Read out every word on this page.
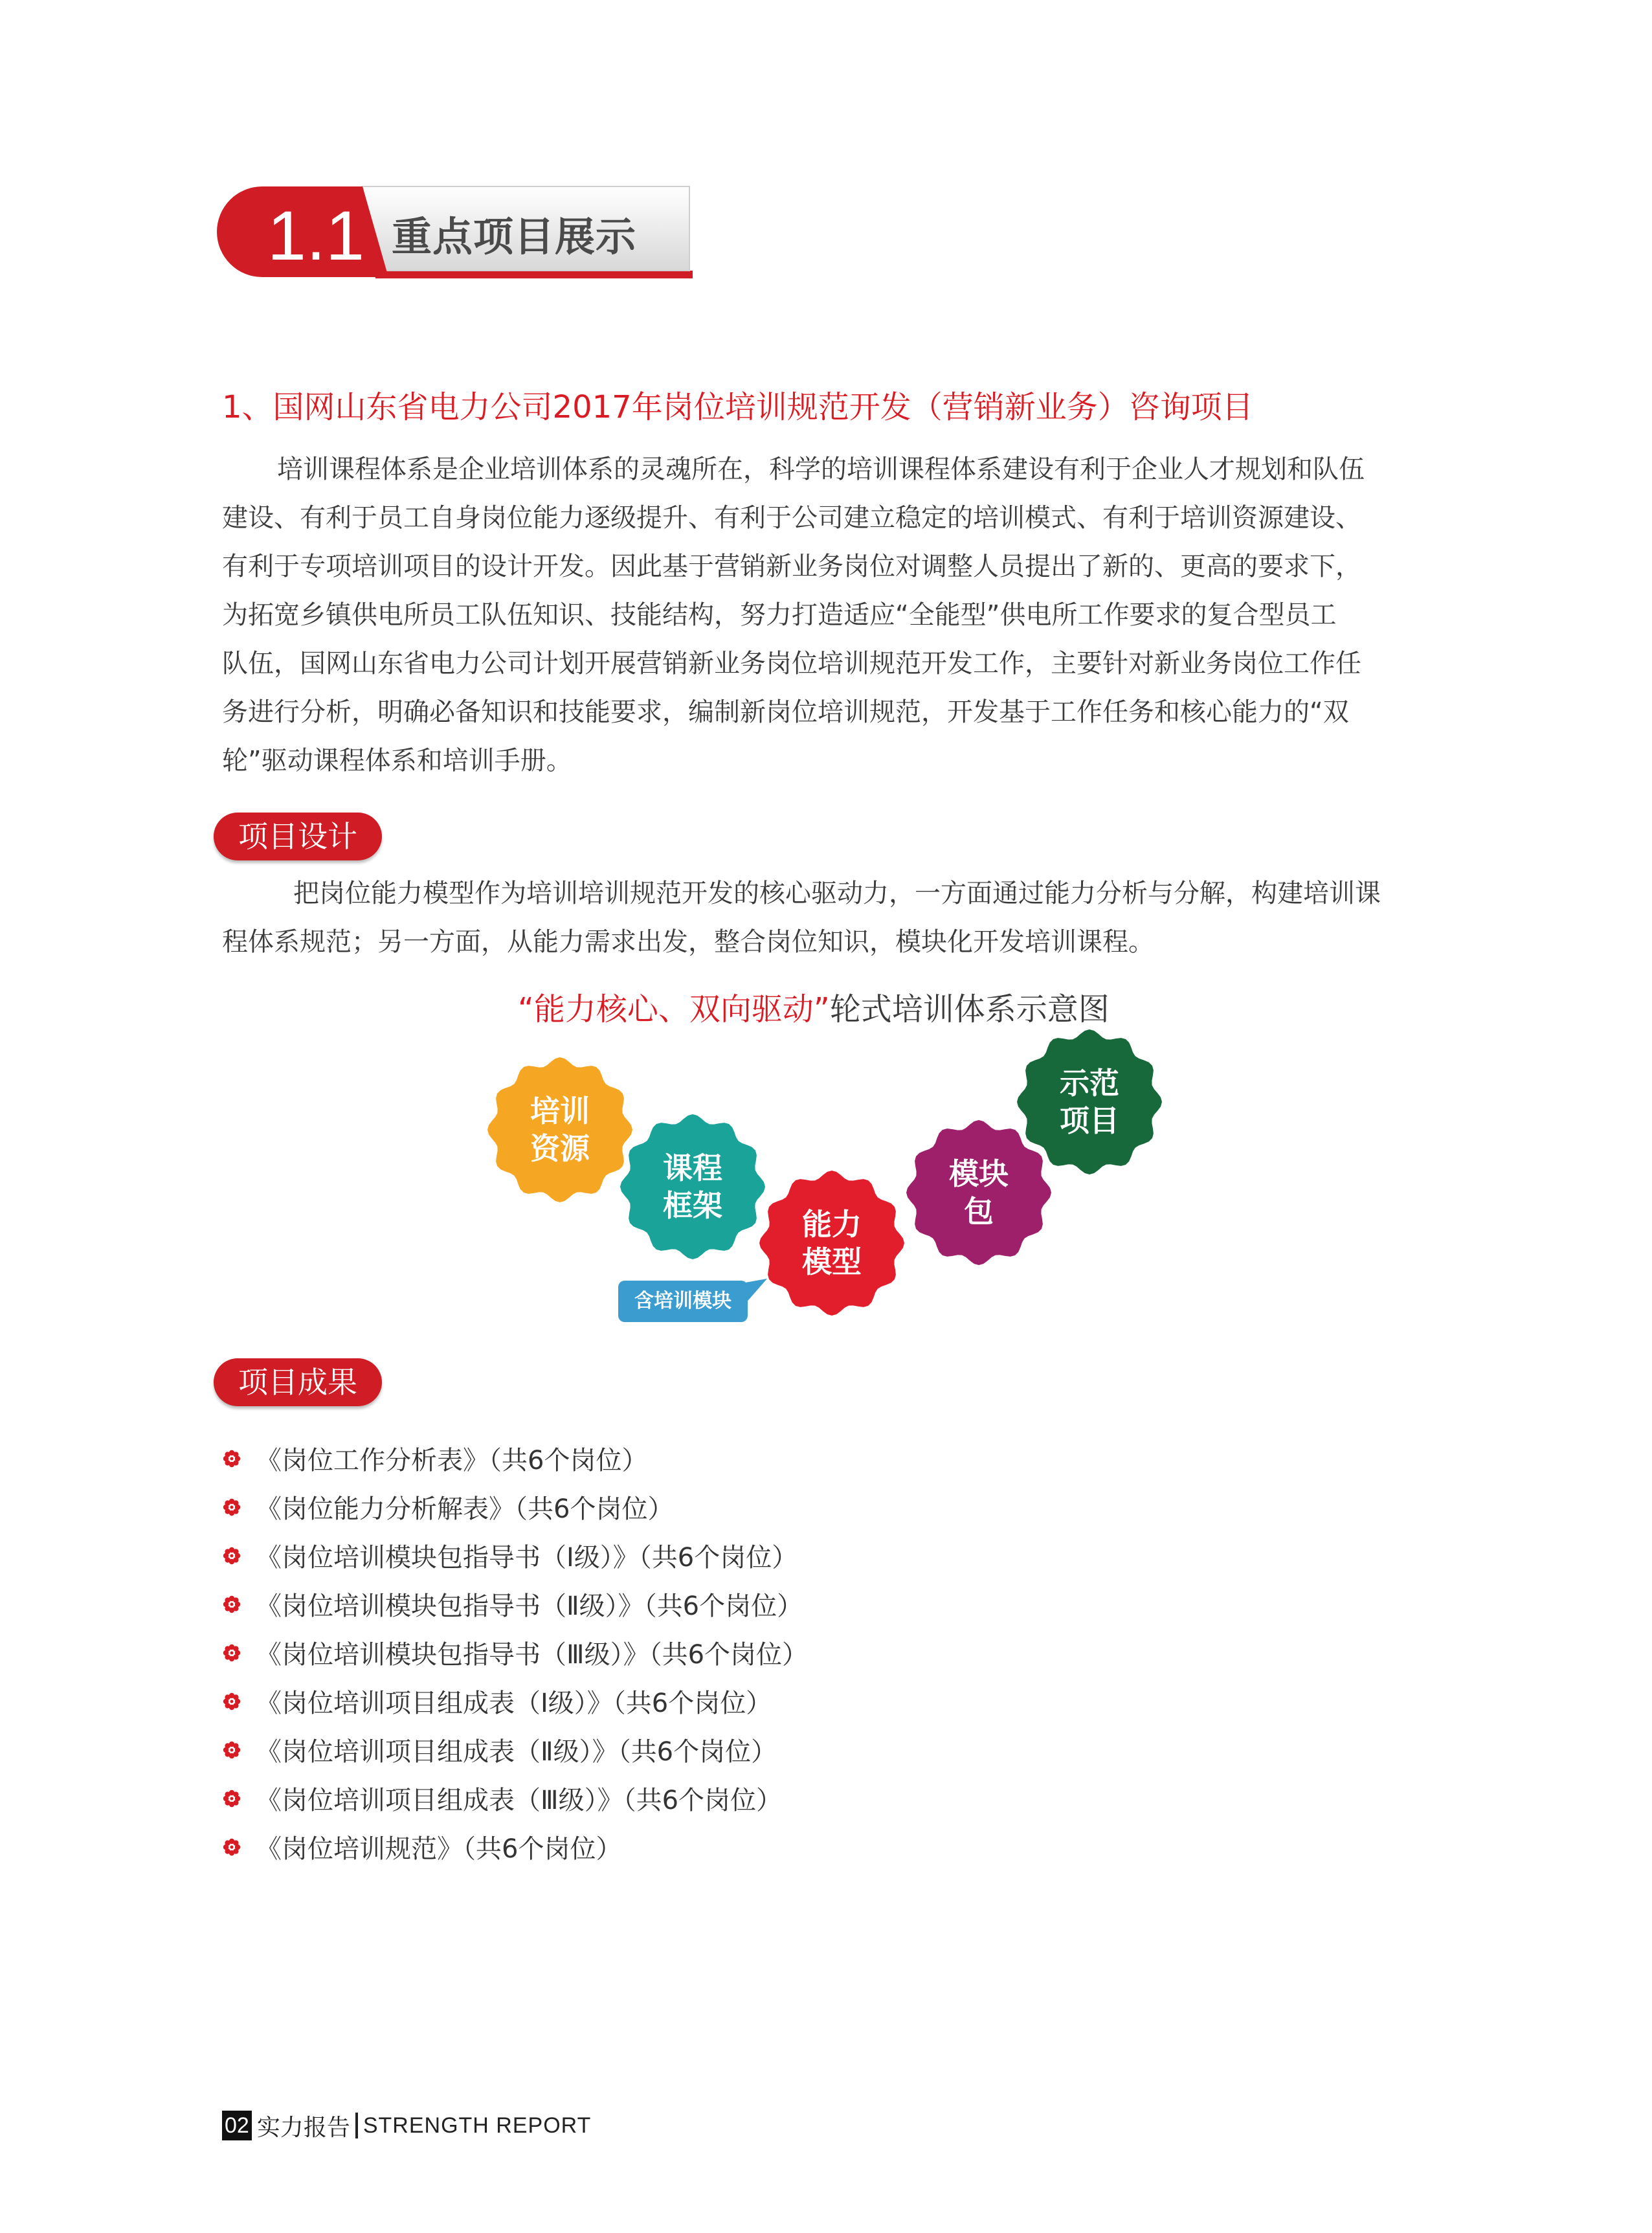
1.1 重点项目展示
1、国网山东省电力公司2017年岗位培训规范开发（营销新业务）咨询项目
培训课程体系是企业培训体系的灵魂所在，科学的培训课程体系建设有利于企业人才规划和队伍
建设、有利于员工自身岗位能力逐级提升、有利于公司建立稳定的培训模式、有利于培训资源建设、
有利于专项培训项目的设计开发。因此基于营销新业务岗位对调整人员提出了新的、更高的要求下，
为拓宽乡镇供电所员工队伍知识、技能结构，努力打造适应“全能型”供电所工作要求的复合型员工
队伍，国网山东省电力公司计划开展营销新业务岗位培训规范开发工作，主要针对新业务岗位工作任
务进行分析，明确必备知识和技能要求，编制新岗位培训规范，开发基于工作任务和核心能力的“双
轮”驱动课程体系和培训手册。
项目设计
把岗位能力模型作为培训培训规范开发的核心驱动力，一方面通过能力分析与分解，构建培训课
程体系规范；另一方面，从能力需求出发，整合岗位知识，模块化开发培训课程。
“能力核心、双向驱动”轮式培训体系示意图
培训
资源
课程
框架
能力
模型
模块
包
示范
项目
含培训模块
项目成果
《岗位工作分析表》（共6个岗位）
《岗位能力分析解表》（共6个岗位）
《岗位培训模块包指导书（Ⅰ级）》（共6个岗位）
《岗位培训模块包指导书（Ⅱ级）》（共6个岗位）
《岗位培训模块包指导书（Ⅲ级）》（共6个岗位）
《岗位培训项目组成表（Ⅰ级）》（共6个岗位）
《岗位培训项目组成表（Ⅱ级）》（共6个岗位）
《岗位培训项目组成表（Ⅲ级）》（共6个岗位）
《岗位培训规范》（共6个岗位）
02 实力报告 STRENGTH REPORT
